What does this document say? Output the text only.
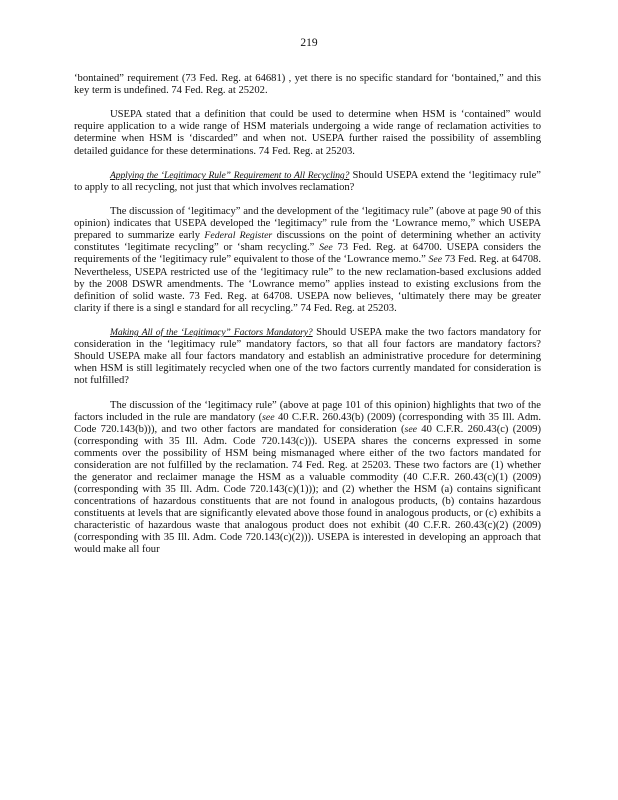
219

‘bontained” requirement (73 Fed. Reg. at 64681) , yet there is no specific standard for ‘bontained,” and this key term is undefined. 74 Fed. Reg. at 25202.

USEPA stated that a definition that could be used to determine when HSM is ‘contained” would require application to a wide range of HSM materials undergoing a wide range of reclamation activities to determine when HSM is ‘discarded” and when not. USEPA further raised the possibility of assembling detailed guidance for these determinations. 74 Fed. Reg. at 25203.

Applying the ‘Legitimacy Rule” Requirement to All Recycling? Should USEPA extend the ‘legitimacy rule” to apply to all recycling, not just that which involves reclamation?

The discussion of ‘legitimacy” and the development of the ‘legitimacy rule” (above at page 90 of this opinion) indicates that USEPA developed the ‘legitimacy” rule from the ‘Lowrance memo,” which USEPA prepared to summarize early Federal Register discussions on the point of determining whether an activity constitutes ‘legitimate recycling” or ‘sham recycling.” See 73 Fed. Reg. at 64700. USEPA considers the requirements of the ‘legitimacy rule” equivalent to those of the ‘Lowrance memo.” See 73 Fed. Reg. at 64708. Nevertheless, USEPA restricted use of the ‘legitimacy rule” to the new reclamation-based exclusions added by the 2008 DSWR amendments. The ‘Lowrance memo” applies instead to existing exclusions from the definition of solid waste. 73 Fed. Reg. at 64708. USEPA now believes, ‘ultimately there may be greater clarity if there is a singl e standard for all recycling.” 74 Fed. Reg. at 25203.

Making All of the ‘Legitimacy” Factors Mandatory? Should USEPA make the two factors mandatory for consideration in the ‘legitimacy rule” mandatory factors, so that all four factors are mandatory factors? Should USEPA make all four factors mandatory and establish an administrative procedure for determining when HSM is still legitimately recycled when one of the two factors currently mandated for consideration is not fulfilled?

The discussion of the ‘legitimacy rule” (above at page 101 of this opinion) highlights that two of the factors included in the rule are mandatory (see 40 C.F.R. 260.43(b) (2009) (corresponding with 35 Ill. Adm. Code 720.143(b))), and two other factors are mandated for consideration (see 40 C.F.R. 260.43(c) (2009) (corresponding with 35 Ill. Adm. Code 720.143(c))). USEPA shares the concerns expressed in some comments over the possibility of HSM being mismanaged where either of the two factors mandated for consideration are not fulfilled by the reclamation. 74 Fed. Reg. at 25203. These two factors are (1) whether the generator and reclaimer manage the HSM as a valuable commodity (40 C.F.R. 260.43(c)(1) (2009) (corresponding with 35 Ill. Adm. Code 720.143(c)(1))); and (2) whether the HSM (a) contains significant concentrations of hazardous constituents that are not found in analogous products, (b) contains hazardous constituents at levels that are significantly elevated above those found in analogous products, or (c) exhibits a characteristic of hazardous waste that analogous product does not exhibit (40 C.F.R. 260.43(c)(2) (2009) (corresponding with 35 Ill. Adm. Code 720.143(c)(2))). USEPA is interested in developing an approach that would make all four
